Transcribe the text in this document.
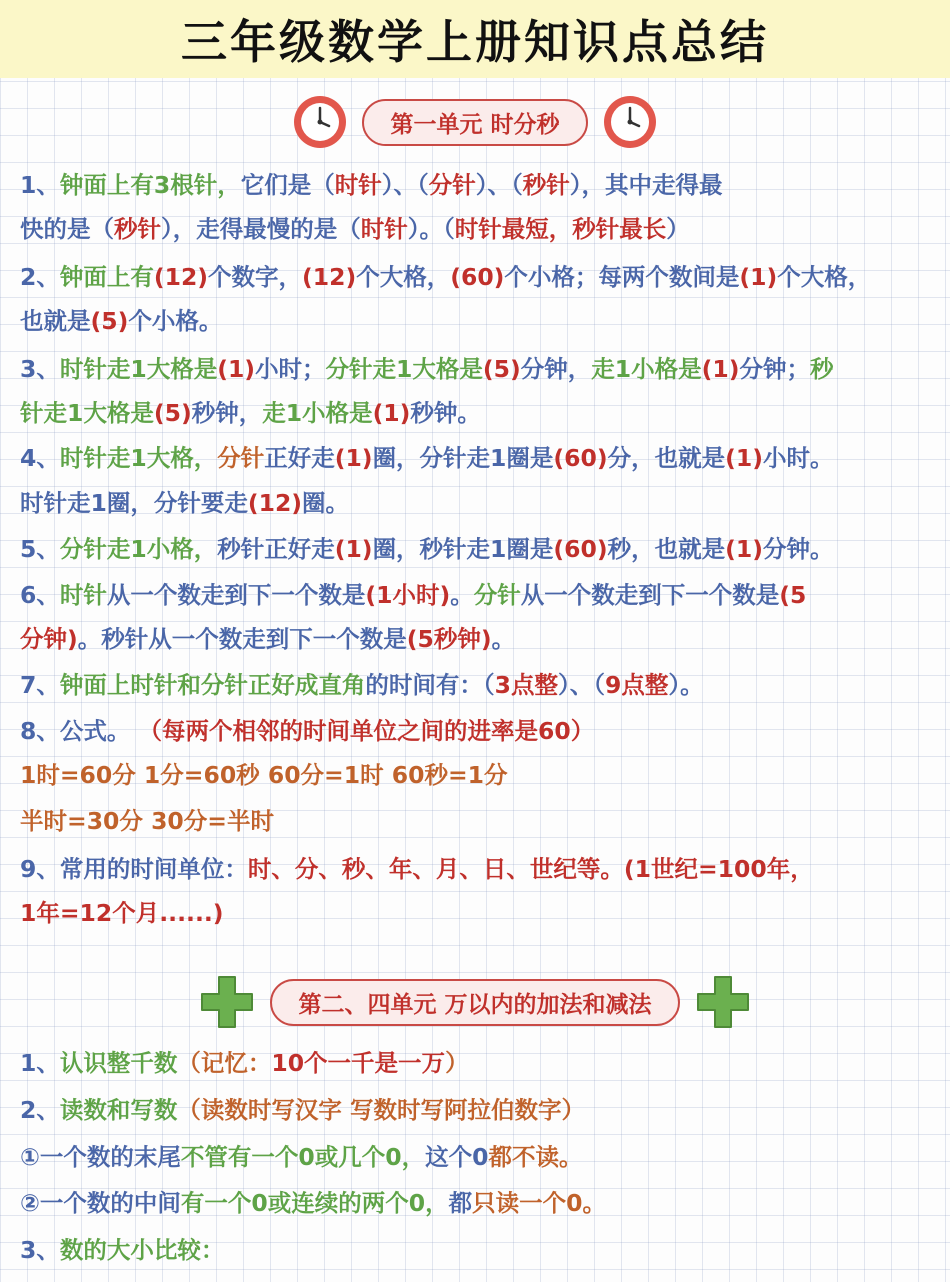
三年级数学上册知识点总结
第一单元 时分秒
1、钟面上有3根针，它们是（时针）、（分针）、（秒针），其中走得最
快的是（秒针），走得最慢的是（时针）。（时针最短，秒针最长）
2、钟面上有(12)个数字，(12)个大格，(60)个小格；每两个数间是(1)个大格，
也就是(5)个小格。
3、时针走1大格是(1)小时；分针走1大格是(5)分钟，走1小格是(1)分钟；秒
针走1大格是(5)秒钟，走1小格是(1)秒钟。
4、时针走1大格，分针正好走(1)圈，分针走1圈是(60)分，也就是(1)小时。
时针走1圈，分针要走(12)圈。
5、分针走1小格，秒针正好走(1)圈，秒针走1圈是(60)秒，也就是(1)分钟。
6、时针从一个数走到下一个数是(1小时)。分针从一个数走到下一个数是(5
分钟)。秒针从一个数走到下一个数是(5秒钟)。
7、钟面上时针和分针正好成直角的时间有：（3点整）、（9点整）。
8、公式。 （每两个相邻的时间单位之间的进率是60）
1时=60分 1分=60秒 60分=1时 60秒=1分
半时=30分 30分=半时
9、常用的时间单位：时、分、秒、年、月、日、世纪等。(1世纪=100年，
1年=12个月......)
第二、四单元 万以内的加法和减法
1、认识整千数（记忆：10个一千是一万）
2、读数和写数（读数时写汉字 写数时写阿拉伯数字）
①一个数的末尾不管有一个0或几个0，这个0都不读。
②一个数的中间有一个0或连续的两个0，都只读一个0。
3、数的大小比较：
